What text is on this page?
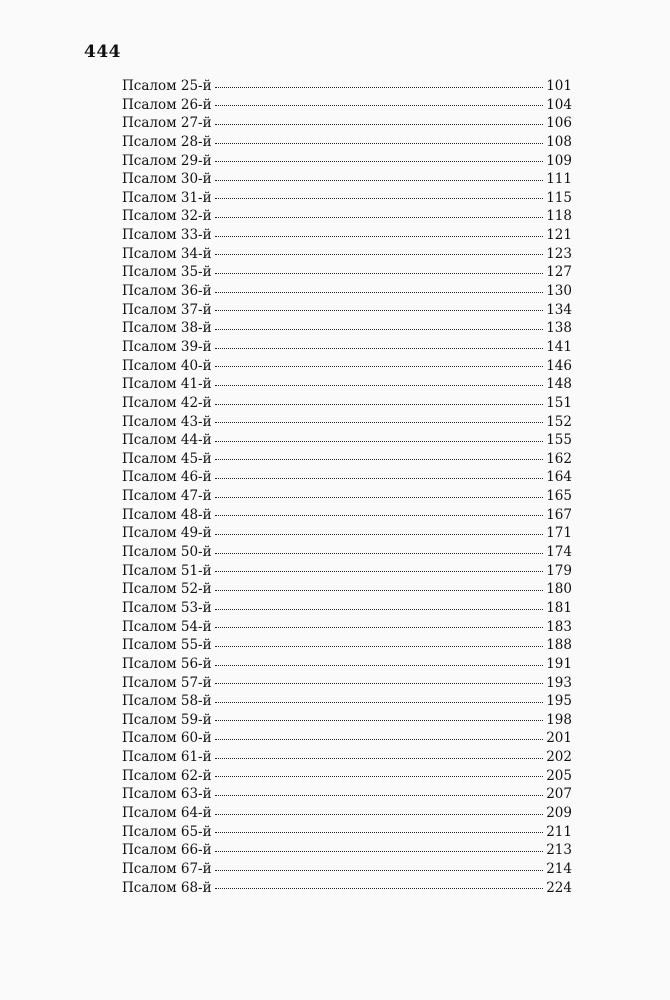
444
Псалом 25-й	101
Псалом 26-й	104
Псалом 27-й	106
Псалом 28-й	108
Псалом 29-й	109
Псалом 30-й	111
Псалом 31-й	115
Псалом 32-й	118
Псалом 33-й	121
Псалом 34-й	123
Псалом 35-й	127
Псалом 36-й	130
Псалом 37-й	134
Псалом 38-й	138
Псалом 39-й	141
Псалом 40-й	146
Псалом 41-й	148
Псалом 42-й	151
Псалом 43-й	152
Псалом 44-й	155
Псалом 45-й	162
Псалом 46-й	164
Псалом 47-й	165
Псалом 48-й	167
Псалом 49-й	171
Псалом 50-й	174
Псалом 51-й	179
Псалом 52-й	180
Псалом 53-й	181
Псалом 54-й	183
Псалом 55-й	188
Псалом 56-й	191
Псалом 57-й	193
Псалом 58-й	195
Псалом 59-й	198
Псалом 60-й	201
Псалом 61-й	202
Псалом 62-й	205
Псалом 63-й	207
Псалом 64-й	209
Псалом 65-й	211
Псалом 66-й	213
Псалом 67-й	214
Псалом 68-й	224
